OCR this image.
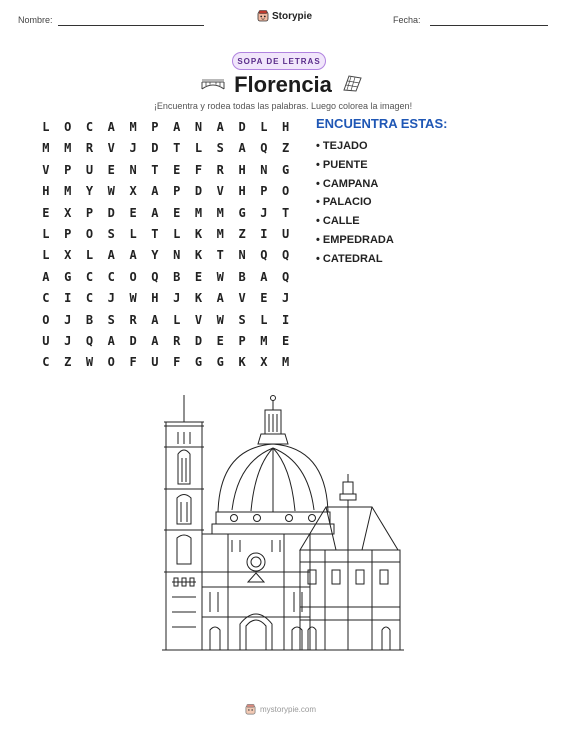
Nombre:	Storypie	Fecha:
SOPA DE LETRAS
Florencia
¡Encuentra y rodea todas las palabras. Luego colorea la imagen!
L	O	C	A	M	P	A	N	A	D	L	H
M	M	R	V	J	D	T	L	S	A	Q	Z
V	P	U	E	N	T	E	F	R	H	N	G
H	M	Y	W	X	A	P	D	V	H	P	O
E	X	P	D	E	A	E	M	M	G	J	T
L	P	O	S	L	T	L	K	M	Z	I	U
L	X	L	A	A	Y	N	K	T	N	Q	Q
A	G	C	C	O	Q	B	E	W	B	A	Q
C	I	C	J	W	H	J	K	A	V	E	J
O	J	B	S	R	A	L	V	W	S	L	I
U	J	Q	A	D	A	R	D	E	P	M	E
C	Z	W	O	F	U	F	G	G	K	X	M
ENCUENTRA ESTAS:
• TEJADO
• PUENTE
• CAMPANA
• PALACIO
• CALLE
• EMPEDRADA
• CATEDRAL
mystorypie.com
